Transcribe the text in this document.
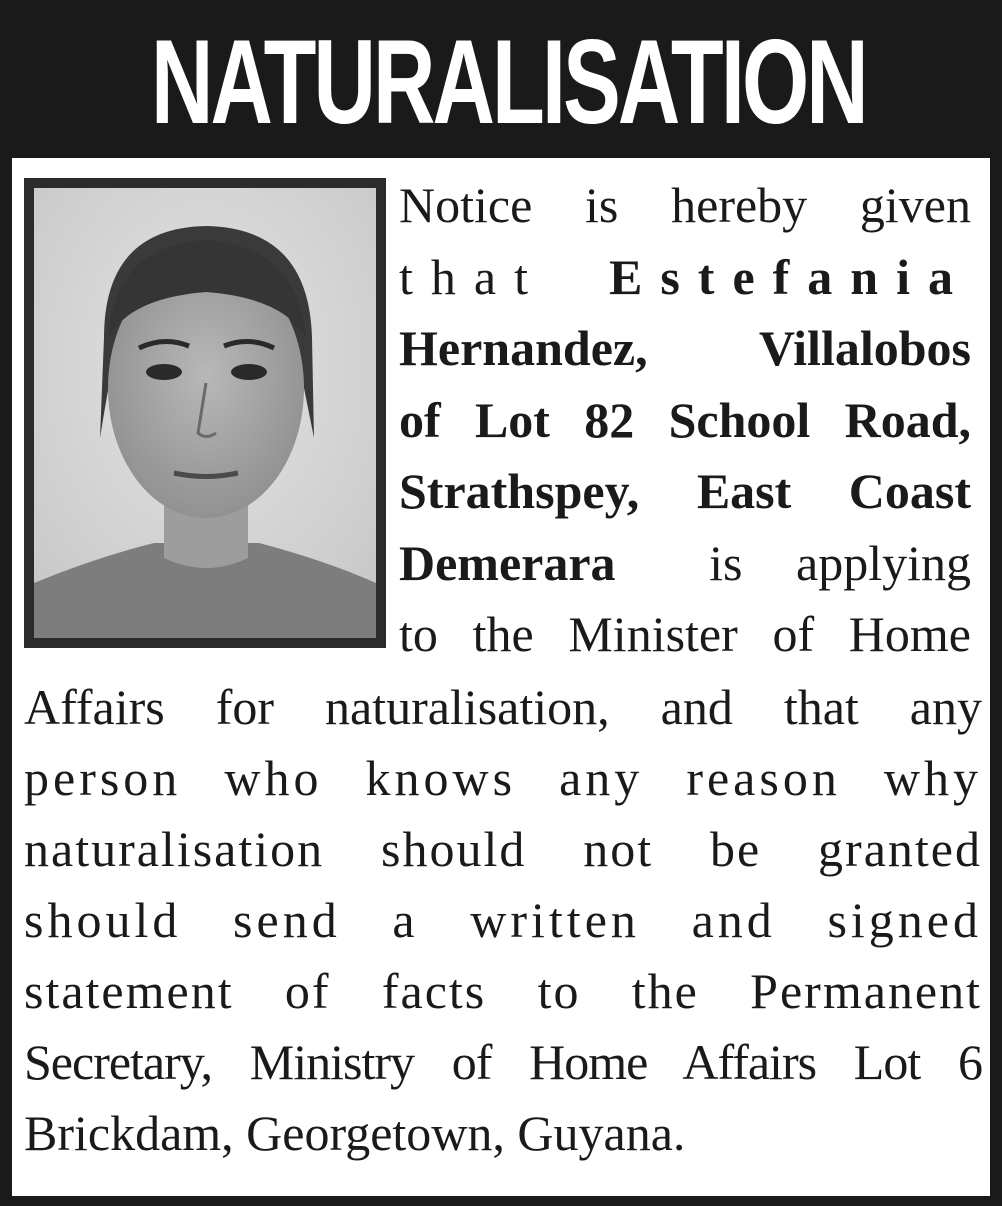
NATURALISATION
Notice is hereby given
that Estefania
Hernandez, Villalobos
of Lot 82 School Road,
Strathspey, East Coast
Demerara is applying
to the Minister of Home
Affairs for naturalisation, and that any
person who knows any reason why
naturalisation should not be granted
should send a written and signed
statement of facts to the Permanent
Secretary, Ministry of Home Affairs Lot 6
Brickdam, Georgetown, Guyana.
